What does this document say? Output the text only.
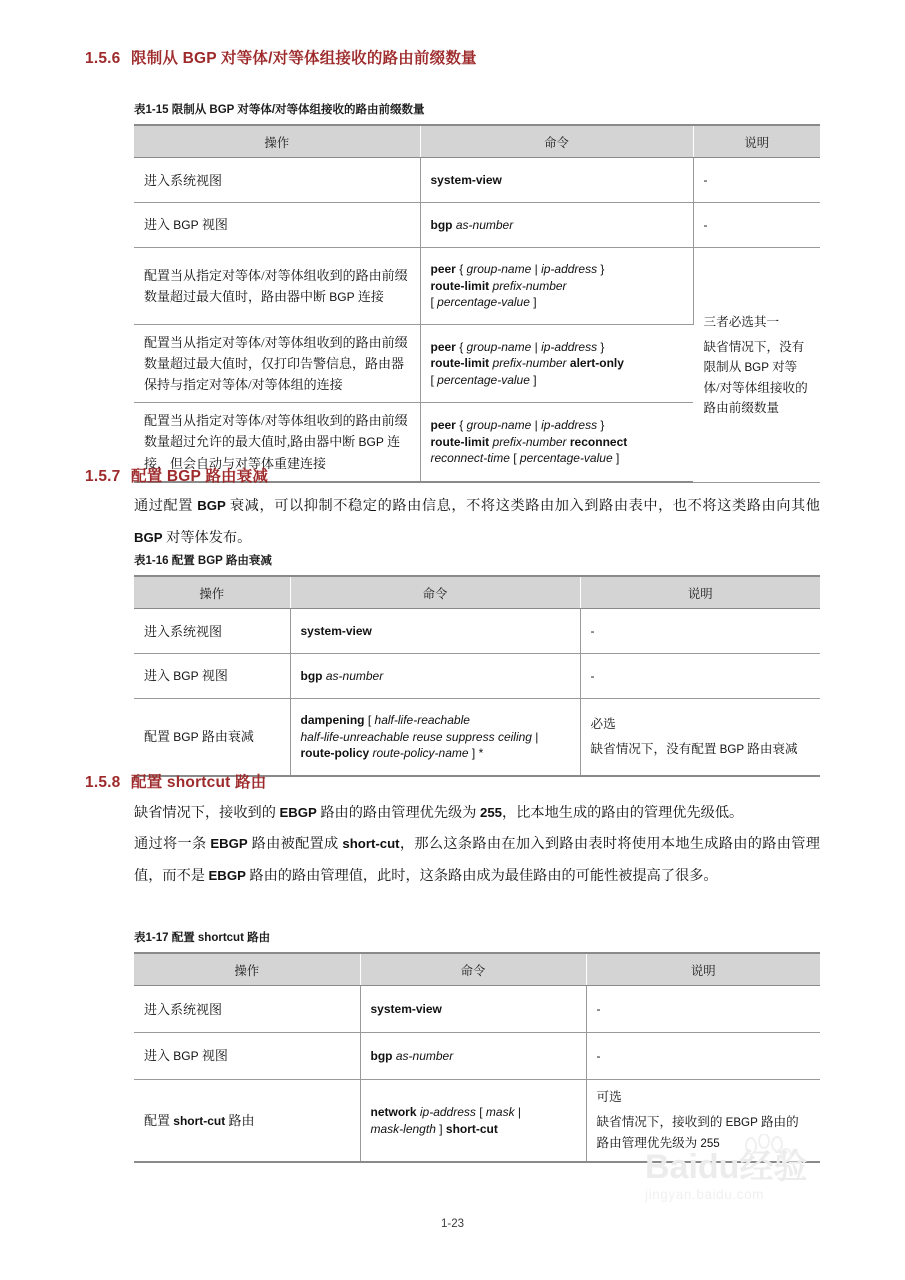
1.5.6 限制从 BGP 对等体/对等体组接收的路由前缀数量
表1-15 限制从 BGP 对等体/对等体组接收的路由前缀数量
操作	命令	说明
进入系统视图	system-view	-
进入 BGP 视图	bgp as-number	-
配置当从指定对等体/对等体组收到的路由前缀数量超过最大值时，路由器中断 BGP 连接	peer { group-name | ip-address }
route-limit prefix-number
[ percentage-value ]	三者必选其一
缺省情况下，没有限制从 BGP 对等体/对等体组接收的路由前缀数量

配置当从指定对等体/对等体组收到的路由前缀数量超过最大值时，仅打印告警信息，路由器保持与指定对等体/对等体组的连接	peer { group-name | ip-address }
route-limit prefix-number alert-only
[ percentage-value ]	
配置当从指定对等体/对等体组收到的路由前缀数量超过允许的最大值时,路由器中断 BGP 连接，但会自动与对等体重建连接	peer { group-name | ip-address }
route-limit prefix-number reconnect
reconnect-time [ percentage-value ]	
1.5.7 配置 BGP 路由衰减
通过配置 BGP 衰减，可以抑制不稳定的路由信息，不将这类路由加入到路由表中，也不将这类路由向其他 BGP 对等体发布。
表1-16 配置 BGP 路由衰减
操作	命令	说明
进入系统视图	system-view	-
进入 BGP 视图	bgp as-number	-
配置 BGP 路由衰减	dampening [ half-life-reachable
half-life-unreachable reuse suppress ceiling |
route-policy route-policy-name ] *	必选
缺省情况下，没有配置 BGP 路由衰减
1.5.8 配置 shortcut 路由
缺省情况下，接收到的 EBGP 路由的路由管理优先级为 255，比本地生成的路由的管理优先级低。
通过将一条 EBGP 路由被配置成 short-cut，那么这条路由在加入到路由表时将使用本地生成路由的路由管理值，而不是 EBGP 路由的路由管理值，此时，这条路由成为最佳路由的可能性被提高了很多。
表1-17 配置 shortcut 路由
操作	命令	说明
进入系统视图	system-view	-
进入 BGP 视图	bgp as-number	-
配置 short-cut 路由	network ip-address [ mask |
mask-length ] short-cut	可选
缺省情况下，接收到的 EBGP 路由的路由管理优先级为 255
Baidu经验
jingyan.baidu.com
1-23
